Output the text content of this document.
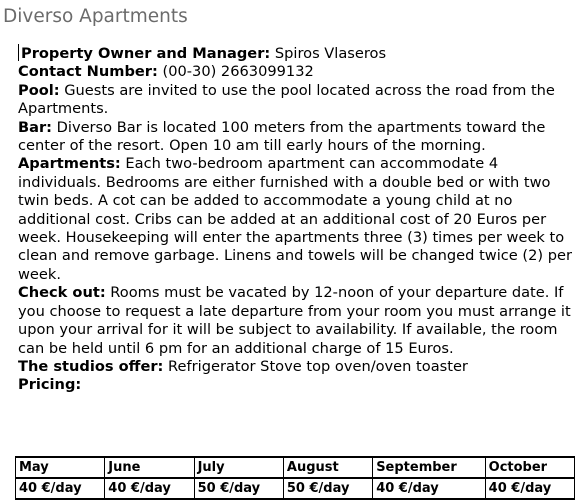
Diverso Apartments

Property Owner and Manager: Spiros Vlaseros

Contact Number: (00-30) 2663099132

Pool: Guests are invited to use the pool located across the road from the Apartments.

Bar: Diverso Bar is located 100 meters from the apartments toward the center of the resort. Open 10 am till early hours of the morning.

Apartments: Each two-bedroom apartment can accommodate 4 individuals. Bedrooms are either furnished with a double bed or with two twin beds. A cot can be added to accommodate a young child at no additional cost. Cribs can be added at an additional cost of 20 Euros per week. Housekeeping will enter the apartments three (3) times per week to clean and remove garbage. Linens and towels will be changed twice (2) per week.

Check out: Rooms must be vacated by 12-noon of your departure date. If you choose to request a late departure from your room you must arrange it upon your arrival for it will be subject to availability. If available, the room can be held until 6 pm for an additional charge of 15 Euros.

The studios offer: Refrigerator Stove top oven/oven toaster

Pricing:

May	June	July	August	September	October
40 €/day	40 €/day	50 €/day	50 €/day	40 €/day	40 €/day
